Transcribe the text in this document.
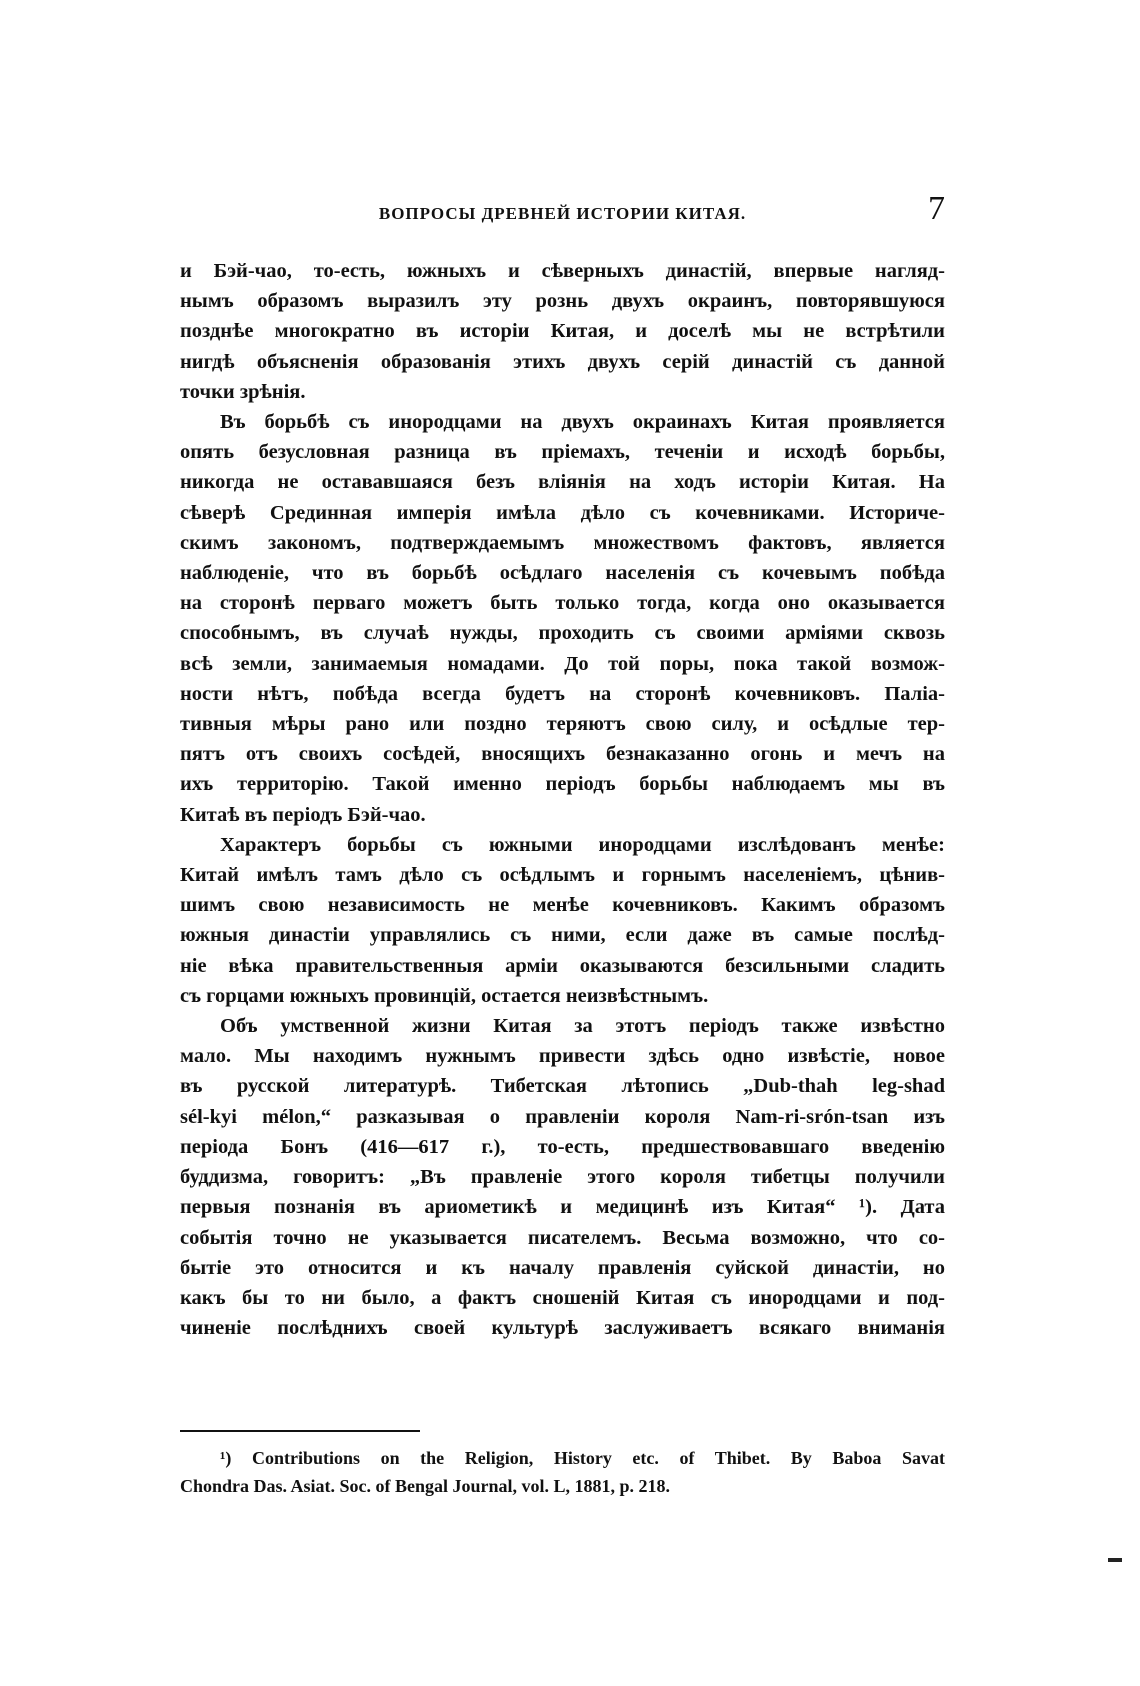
ВОПРОСЫ ДРЕВНЕЙ ИСТОРИИ КИТАЯ.	7
и Бэй-чао, то-есть, южныхъ и сѣверныхъ династій, впервые нагляд-
нымъ образомъ выразилъ эту рознь двухъ окраинъ, повторявшуюся
позднѣе многократно въ исторіи Китая, и доселѣ мы не встрѣтили
нигдѣ объясненія образованія этихъ двухъ серій династій съ данной
точки зрѣнія.
Въ борьбѣ съ инородцами на двухъ окраинахъ Китая проявляется
опять безусловная разница въ пріемахъ, теченіи и исходѣ борьбы,
никогда не остававшаяся безъ вліянія на ходъ исторіи Китая. На
сѣверѣ Срединная имперія имѣла дѣло съ кочевниками. Историче-
скимъ закономъ, подтверждаемымъ множествомъ фактовъ, является
наблюденіе, что въ борьбѣ осѣдлаго населенія съ кочевымъ побѣда
на сторонѣ перваго можетъ быть только тогда, когда оно оказывается
способнымъ, въ случаѣ нужды, проходить съ своими арміями сквозь
всѣ земли, занимаемыя номадами. До той поры, пока такой возмож-
ности нѣтъ, побѣда всегда будетъ на сторонѣ кочевниковъ. Паліа-
тивныя мѣры рано или поздно теряютъ свою силу, и осѣдлые тер-
пятъ отъ своихъ сосѣдей, вносящихъ безнаказанно огонь и мечъ на
ихъ территорію. Такой именно періодъ борьбы наблюдаемъ мы въ
Китаѣ въ періодъ Бэй-чао.
Характеръ борьбы съ южными инородцами изслѣдованъ менѣе:
Китай имѣлъ тамъ дѣло съ осѣдлымъ и горнымъ населеніемъ, цѣнив-
шимъ свою независимость не менѣе кочевниковъ. Какимъ образомъ
южныя династіи управлялись съ ними, если даже въ самые послѣд-
ніе вѣка правительственныя арміи оказываются безсильными сладить
съ горцами южныхъ провинцій, остается неизвѣстнымъ.
Объ умственной жизни Китая за этотъ періодъ также извѣстно
мало. Мы находимъ нужнымъ привести здѣсь одно извѣстіе, новое
въ русской литературѣ. Тибетская лѣтопись „Dub-thah leg-shad
sél-kyi mélon,“ разказывая о правленіи короля Nam-ri-srón-tsan изъ
періода Бонъ (416—617 г.), то-есть, предшествовавшаго введенію
буддизма, говоритъ: „Въ правленіе этого короля тибетцы получили
первыя познанія въ ариометикѣ и медицинѣ изъ Китая“ ¹). Дата
событія точно не указывается писателемъ. Весьма возможно, что со-
бытіе это относится и къ началу правленія суйской династіи, но
какъ бы то ни было, а фактъ сношеній Китая съ инородцами и под-
чиненіе послѣднихъ своей культурѣ заслуживаетъ всякаго вниманія
¹) Contributions on the Religion, History etc. of Thibet. By Baboa Savat
Chondra Das. Asiat. Soc. of Bengal Journal, vol. L, 1881, p. 218.
